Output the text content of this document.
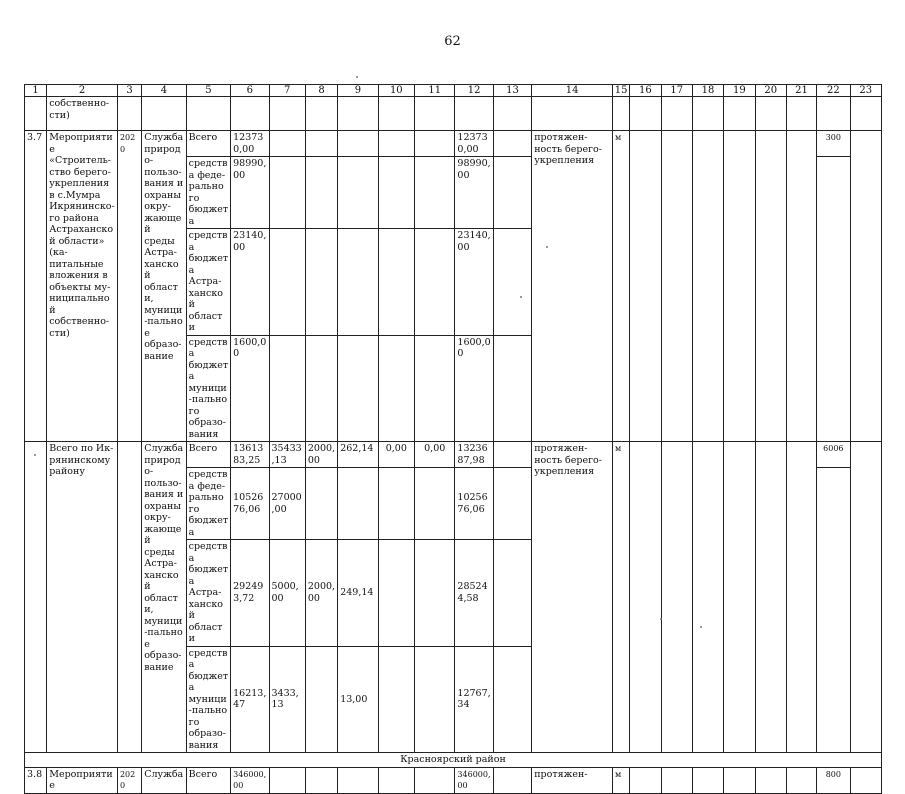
62
1	2	3	4	5	6	7	8	9	10	11	12	13	14	15	16	17	18	19	20	21	22	23
	собственно-сти)																					
3.7	Мероприятие «Строитель-ство берего-укрепления в с.Мумра Икрянинско-го района Астраханской области» (ка-питальные вложения в объекты му-ниципальной собственно-сти)	2020	Служба природо-пользо-вания и охраны окру-жающей среды Астра-ханской области, муници-пальное образо-вание	Всего	123730,00						123730,00		протяжен-ность берего-укрепления	м							300	
				средства феде-рального бюджета	98990,00						98990,00											
				средства бюджета Астра-ханской области	23140,00						23140,00											
				средства бюджета муници-пального образо-вания	1600,00						1600,00											
	Всего по Ик-рянинскому району		Служба природо-пользо-вания и охраны окру-жающей среды Астра-ханской области, муници-пальное образо-вание	Всего	1361383,25	35433,13	2000,00	262,14	0,00	0,00	1323687,98		протяжен-ность берего-укрепления	м							6006	
				средства феде-рального бюджета	1052676,06	27000,00					1025676,06											
				средства бюджета Астра-ханской области	292493,72	5000,00	2000,00	249,14			285244,58											
				средства бюджета муници-пального образо-вания	16213,47	3433,13		13,00			12767,34											
Красноярский район																						
3.8	Мероприятие	2020	Служба	Всего	346000,00						346000,00		протяжен-	м							800	
